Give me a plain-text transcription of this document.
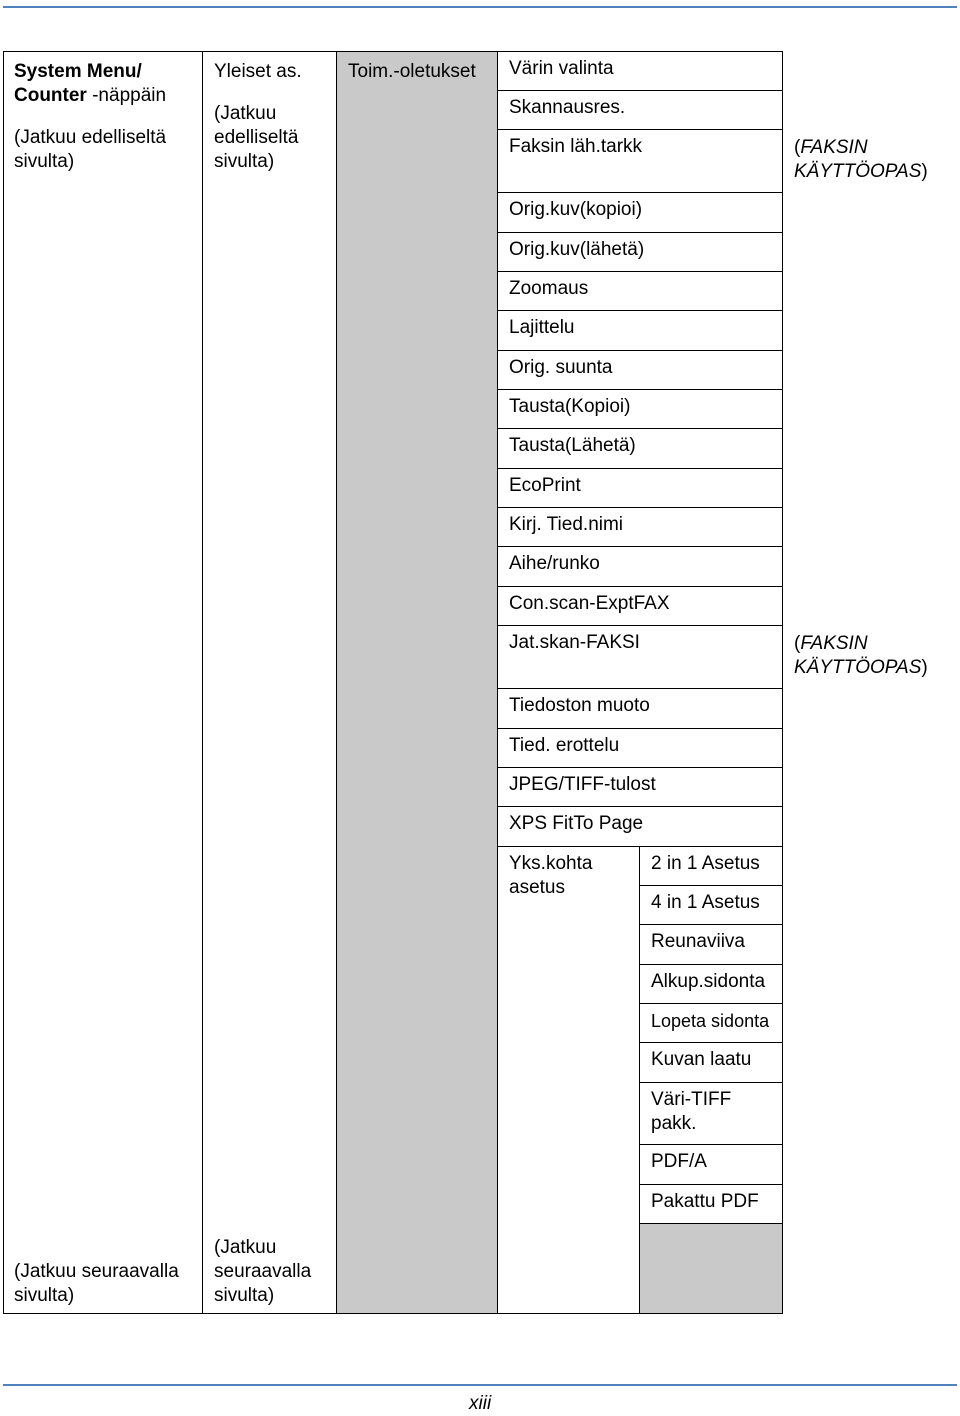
System Menu/
Counter -näppäin
(Jatkuu edelliseltä
sivulta)
(Jatkuu seuraavalla
sivulta)
Yleiset as.
(Jatkuu
edelliseltä
sivulta)
(Jatkuu
seuraavalla
sivulta)
Toim.-oletukset	Värin valinta
Skannausres.
Faksin läh.tarkk
Orig.kuv(kopioi)
Orig.kuv(lähetä)
Zoomaus
Lajittelu
Orig. suunta
Tausta(Kopioi)
Tausta(Lähetä)
EcoPrint
Kirj. Tied.nimi
Aihe/runko
Con.scan-ExptFAX
Jat.skan-FAKSI
Tiedoston muoto
Tied. erottelu
JPEG/TIFF-tulost
XPS FitTo Page
Yks.kohta
asetus
2 in 1 Asetus
4 in 1 Asetus
Reunaviiva
Alkup.sidonta
Lopeta sidonta
Kuvan laatu
Väri-TIFF
pakk.
PDF/A
Pakattu PDF
(FAKSIN
KÄYTTÖOPAS)
(FAKSIN
KÄYTTÖOPAS)
xiii
